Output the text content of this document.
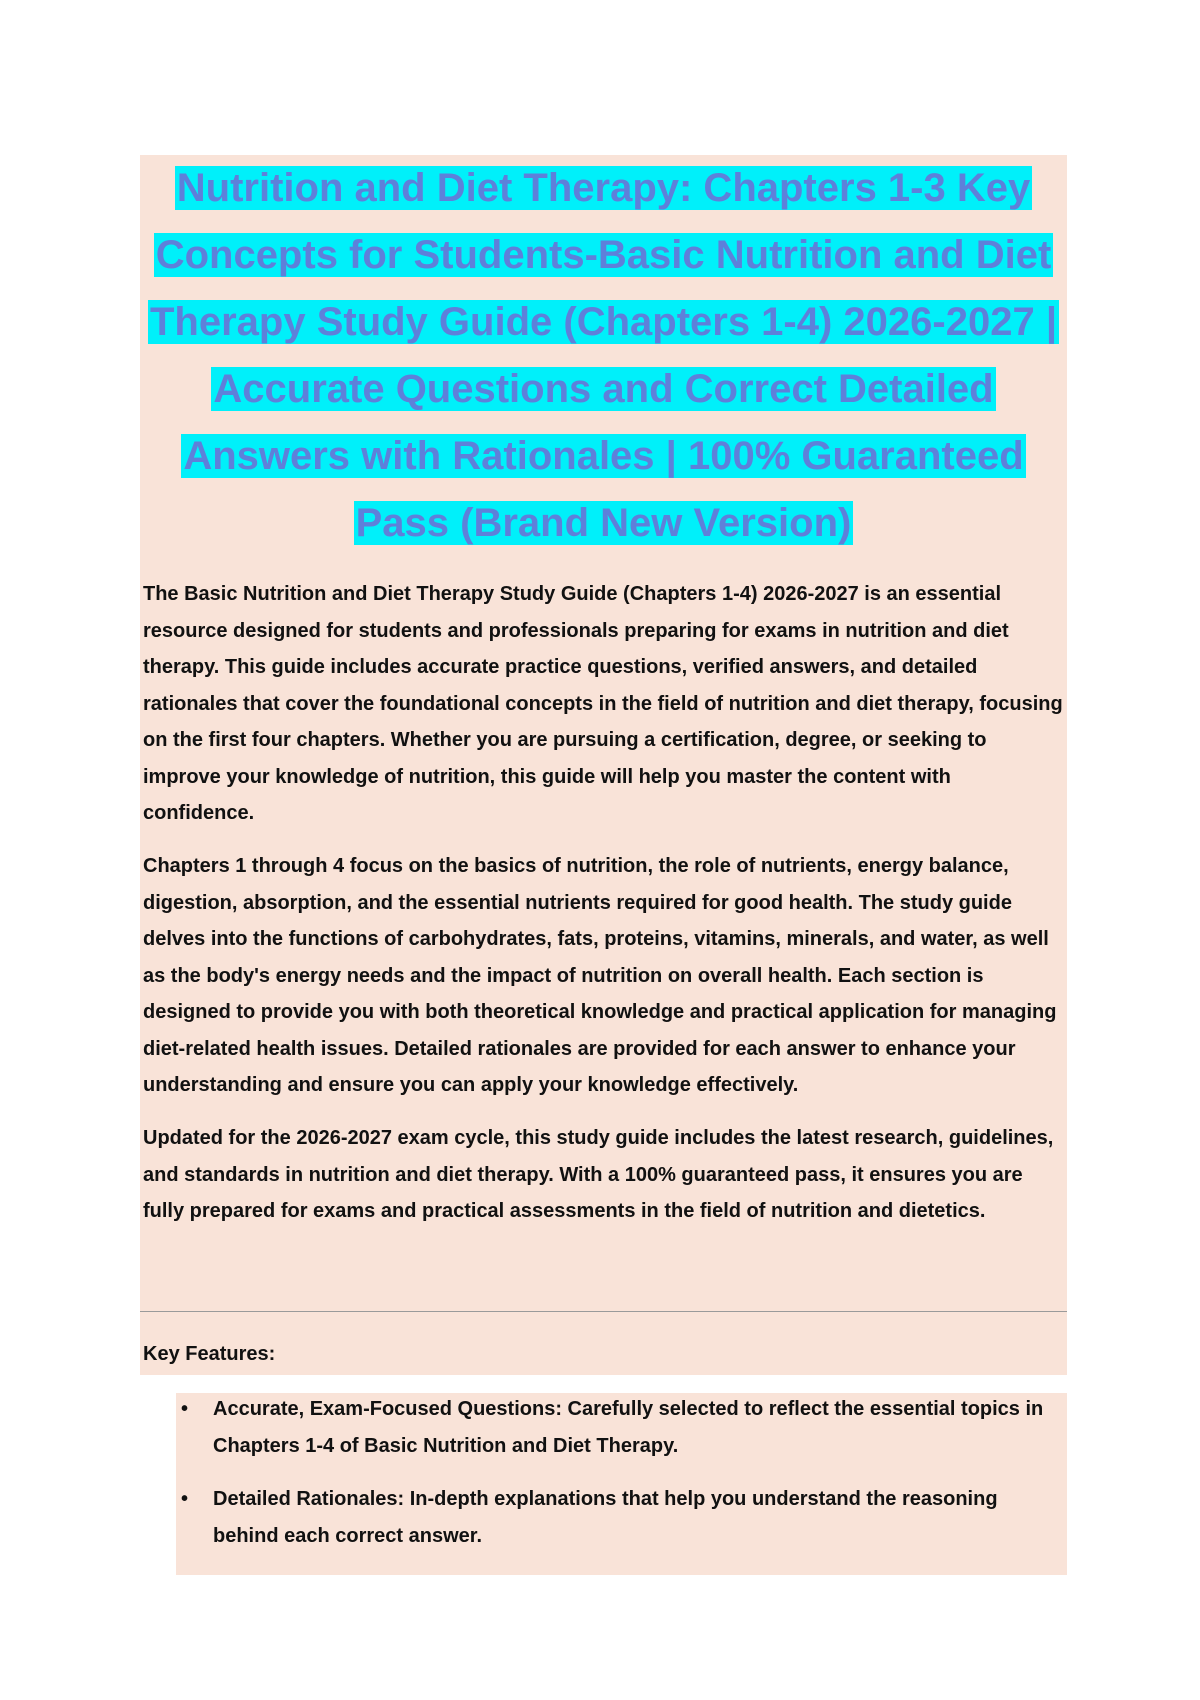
Nutrition and Diet Therapy: Chapters 1-3 Key Concepts for Students-Basic Nutrition and Diet Therapy Study Guide (Chapters 1-4) 2026-2027 | Accurate Questions and Correct Detailed Answers with Rationales | 100% Guaranteed Pass (Brand New Version)

The Basic Nutrition and Diet Therapy Study Guide (Chapters 1-4) 2026-2027 is an essential resource designed for students and professionals preparing for exams in nutrition and diet therapy. This guide includes accurate practice questions, verified answers, and detailed rationales that cover the foundational concepts in the field of nutrition and diet therapy, focusing on the first four chapters. Whether you are pursuing a certification, degree, or seeking to improve your knowledge of nutrition, this guide will help you master the content with confidence.

Chapters 1 through 4 focus on the basics of nutrition, the role of nutrients, energy balance, digestion, absorption, and the essential nutrients required for good health. The study guide delves into the functions of carbohydrates, fats, proteins, vitamins, minerals, and water, as well as the body's energy needs and the impact of nutrition on overall health. Each section is designed to provide you with both theoretical knowledge and practical application for managing diet-related health issues. Detailed rationales are provided for each answer to enhance your understanding and ensure you can apply your knowledge effectively.

Updated for the 2026-2027 exam cycle, this study guide includes the latest research, guidelines, and standards in nutrition and diet therapy. With a 100% guaranteed pass, it ensures you are fully prepared for exams and practical assessments in the field of nutrition and dietetics.

Key Features:

• Accurate, Exam-Focused Questions: Carefully selected to reflect the essential topics in Chapters 1-4 of Basic Nutrition and Diet Therapy.
• Detailed Rationales: In-depth explanations that help you understand the reasoning behind each correct answer.
